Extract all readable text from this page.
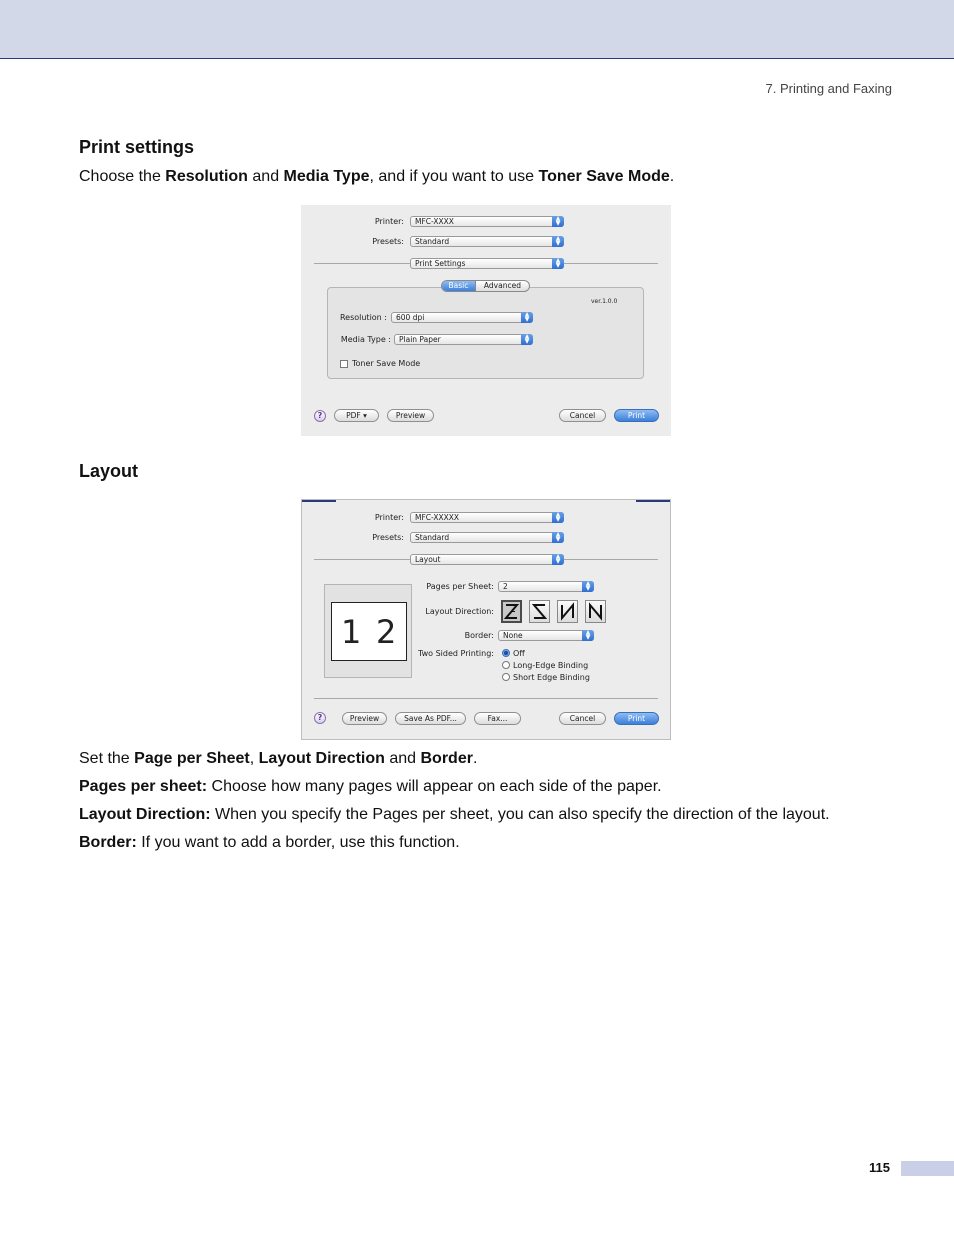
7. Printing and Faxing
Print settings
Choose the Resolution and Media Type, and if you want to use Toner Save Mode.
Printer: MFC-XXXX	▲
▼
Presets: Standard	▲
▼
Print Settings	▲
▼
Basic	Advanced
ver.1.0.0
Resolution : 600 dpi	▲
▼
Media Type : Plain Paper	▲
▼
Toner Save Mode
?	PDF ▾	Preview	Cancel	Print
Layout
Printer: MFC-XXXXX	▲
▼
Presets: Standard	▲
▼
Layout	▲
▼
1 2
Pages per Sheet: 2	▲
▼
Layout Direction:
Border: None	▲
▼
Two Sided Printing: Off
Long-Edge Binding
Short Edge Binding
?	Preview	Save As PDF...	Fax...	Cancel	Print
Set the Page per Sheet, Layout Direction and Border.
Pages per sheet: Choose how many pages will appear on each side of the paper.
Layout Direction: When you specify the Pages per sheet, you can also specify the direction of the layout.
Border: If you want to add a border, use this function.
115
